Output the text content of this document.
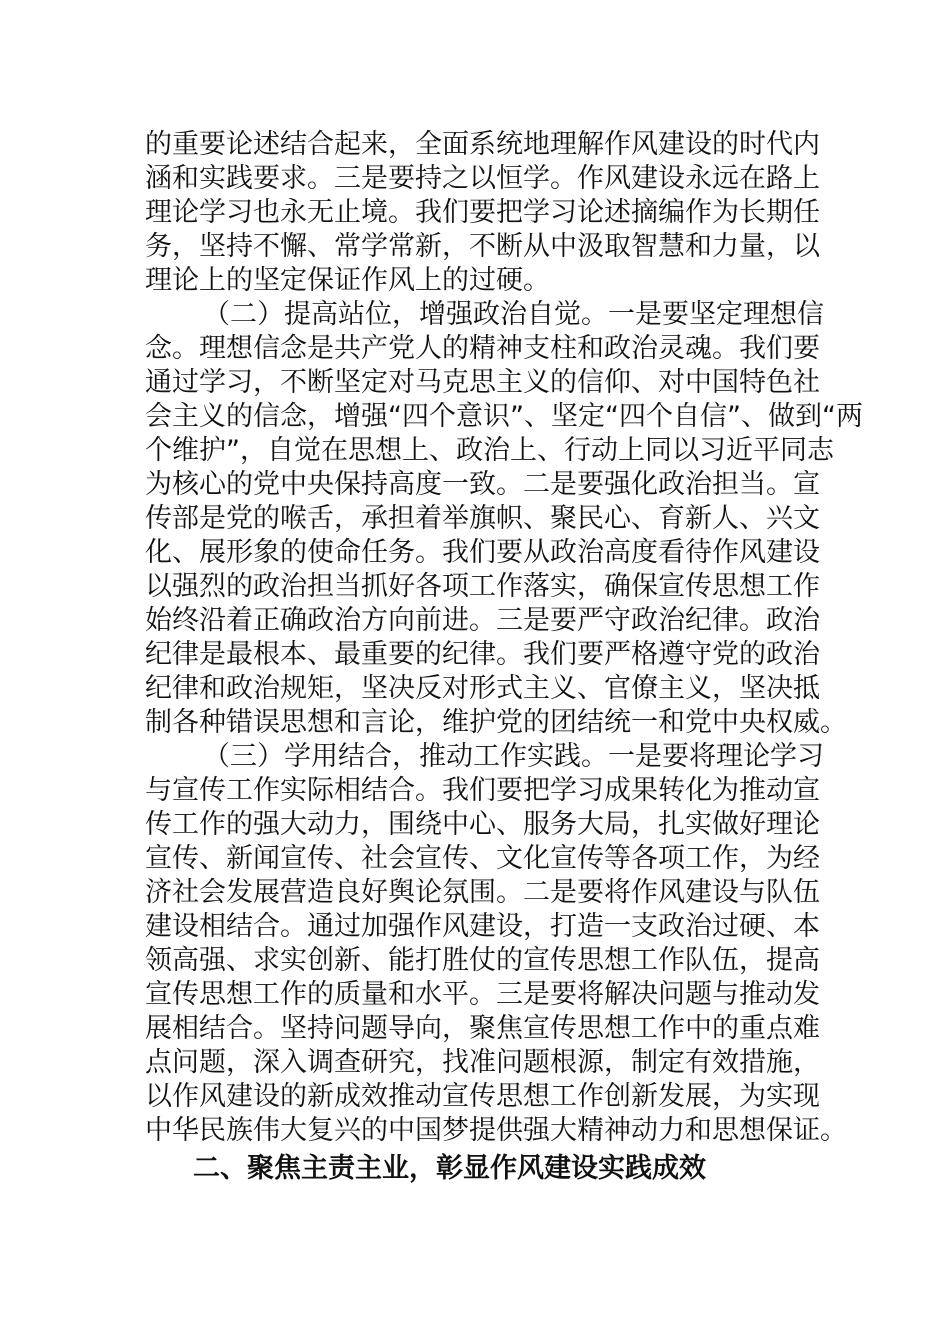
的重要论述结合起来，全面系统地理解作风建设的时代内
涵和实践要求。三是要持之以恒学。作风建设永远在路上
理论学习也永无止境。我们要把学习论述摘编作为长期任
务，坚持不懈、常学常新，不断从中汲取智慧和力量，以
理论上的坚定保证作风上的过硬。
（二）提高站位，增强政治自觉。一是要坚定理想信
念。理想信念是共产党人的精神支柱和政治灵魂。我们要
通过学习，不断坚定对马克思主义的信仰、对中国特色社
会主义的信念，增强“四个意识”、坚定“四个自信”、做到“两
个维护”，自觉在思想上、政治上、行动上同以习近平同志
为核心的党中央保持高度一致。二是要强化政治担当。宣
传部是党的喉舌，承担着举旗帜、聚民心、育新人、兴文
化、展形象的使命任务。我们要从政治高度看待作风建设
以强烈的政治担当抓好各项工作落实，确保宣传思想工作
始终沿着正确政治方向前进。三是要严守政治纪律。政治
纪律是最根本、最重要的纪律。我们要严格遵守党的政治
纪律和政治规矩，坚决反对形式主义、官僚主义，坚决抵
制各种错误思想和言论，维护党的团结统一和党中央权威。
（三）学用结合，推动工作实践。一是要将理论学习
与宣传工作实际相结合。我们要把学习成果转化为推动宣
传工作的强大动力，围绕中心、服务大局，扎实做好理论
宣传、新闻宣传、社会宣传、文化宣传等各项工作，为经
济社会发展营造良好舆论氛围。二是要将作风建设与队伍
建设相结合。通过加强作风建设，打造一支政治过硬、本
领高强、求实创新、能打胜仗的宣传思想工作队伍，提高
宣传思想工作的质量和水平。三是要将解决问题与推动发
展相结合。坚持问题导向，聚焦宣传思想工作中的重点难
点问题，深入调查研究，找准问题根源，制定有效措施，
以作风建设的新成效推动宣传思想工作创新发展，为实现
中华民族伟大复兴的中国梦提供强大精神动力和思想保证。
二、聚焦主责主业，彰显作风建设实践成效
